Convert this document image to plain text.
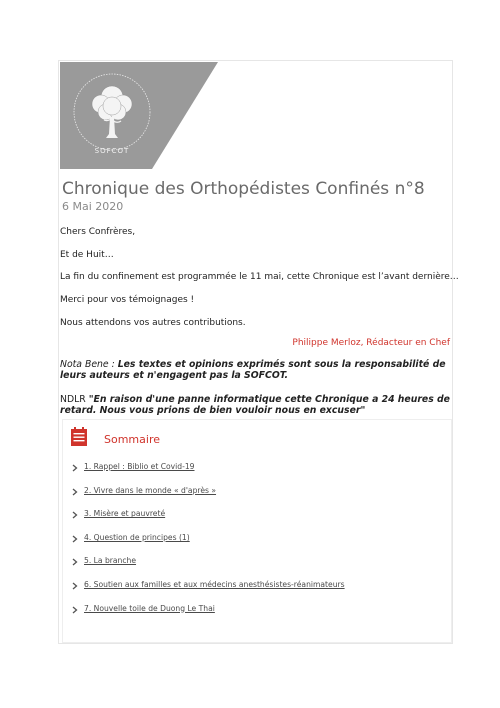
SOFCOT
Chronique des Orthopédistes Confinés n°8
6 Mai 2020
Chers Confrères,
Et de Huit…
La fin du confinement est programmée le 11 mai, cette Chronique est l’avant dernière…
Merci pour vos témoignages !
Nous attendons vos autres contributions.
Philippe Merloz, Rédacteur en Chef
Nota Bene : Les textes et opinions exprimés sont sous la responsabilité de leurs auteurs et n'engagent pas la SOFCOT.
NDLR "En raison d'une panne informatique cette Chronique a 24 heures de retard. Nous vous prions de bien vouloir nous en excuser"
Sommaire
1. Rappel : Biblio et Covid-19
2. Vivre dans le monde « d'après »
3. Misère et pauvreté
4. Question de principes (1)
5. La branche
6. Soutien aux familles et aux médecins anesthésistes-réanimateurs
7. Nouvelle toile de Duong Le Thai
